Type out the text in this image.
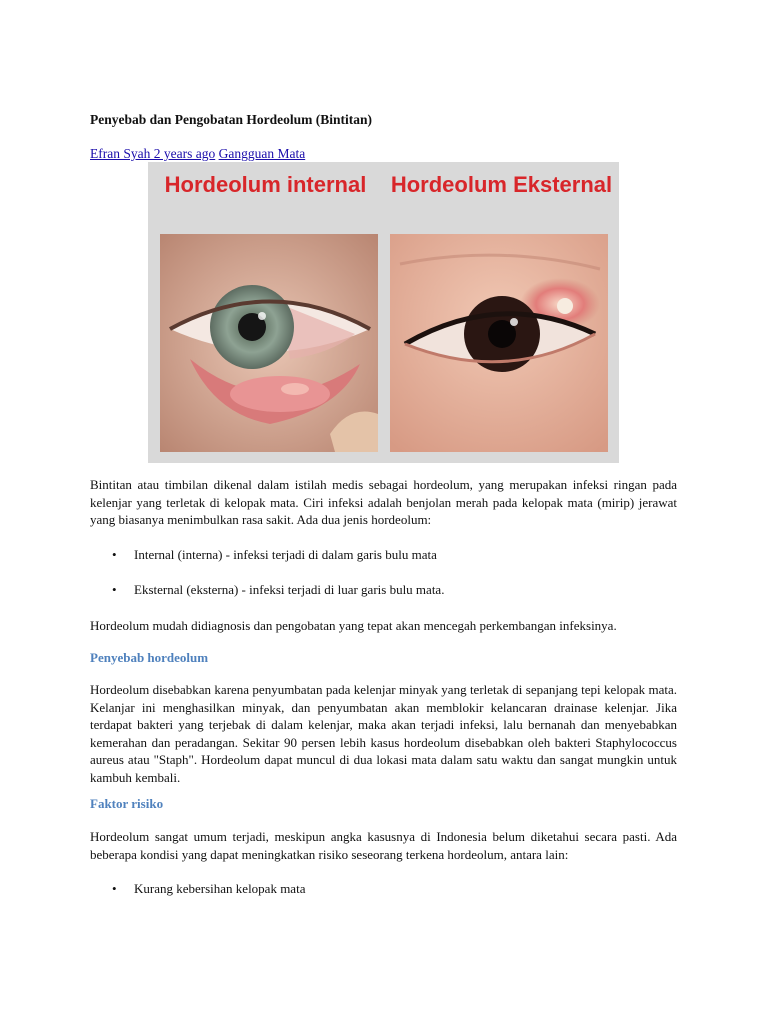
Penyebab dan Pengobatan Hordeolum (Bintitan)
Efran Syah 2 years ago Gangguan Mata
Hordeolum internal	Hordeolum Eksternal

Bintitan atau timbilan dikenal dalam istilah medis sebagai hordeolum, yang merupakan infeksi ringan pada kelenjar yang terletak di kelopak mata. Ciri infeksi adalah benjolan merah pada kelopak mata (mirip) jerawat yang biasanya menimbulkan rasa sakit. Ada dua jenis hordeolum:

• Internal (interna) - infeksi terjadi di dalam garis bulu mata
• Eksternal (eksterna) - infeksi terjadi di luar garis bulu mata.

Hordeolum mudah didiagnosis dan pengobatan yang tepat akan mencegah perkembangan infeksinya.

Penyebab hordeolum

Hordeolum disebabkan karena penyumbatan pada kelenjar minyak yang terletak di sepanjang tepi kelopak mata. Kelanjar ini menghasilkan minyak, dan penyumbatan akan memblokir kelancaran drainase kelenjar. Jika terdapat bakteri yang terjebak di dalam kelenjar, maka akan terjadi infeksi, lalu bernanah dan menyebabkan kemerahan dan peradangan. Sekitar 90 persen lebih kasus hordeolum disebabkan oleh bakteri Staphylococcus aureus atau "Staph". Hordeolum dapat muncul di dua lokasi mata dalam satu waktu dan sangat mungkin untuk kambuh kembali.

Faktor risiko

Hordeolum sangat umum terjadi, meskipun angka kasusnya di Indonesia belum diketahui secara pasti. Ada beberapa kondisi yang dapat meningkatkan risiko seseorang terkena hordeolum, antara lain:

• Kurang kebersihan kelopak mata
